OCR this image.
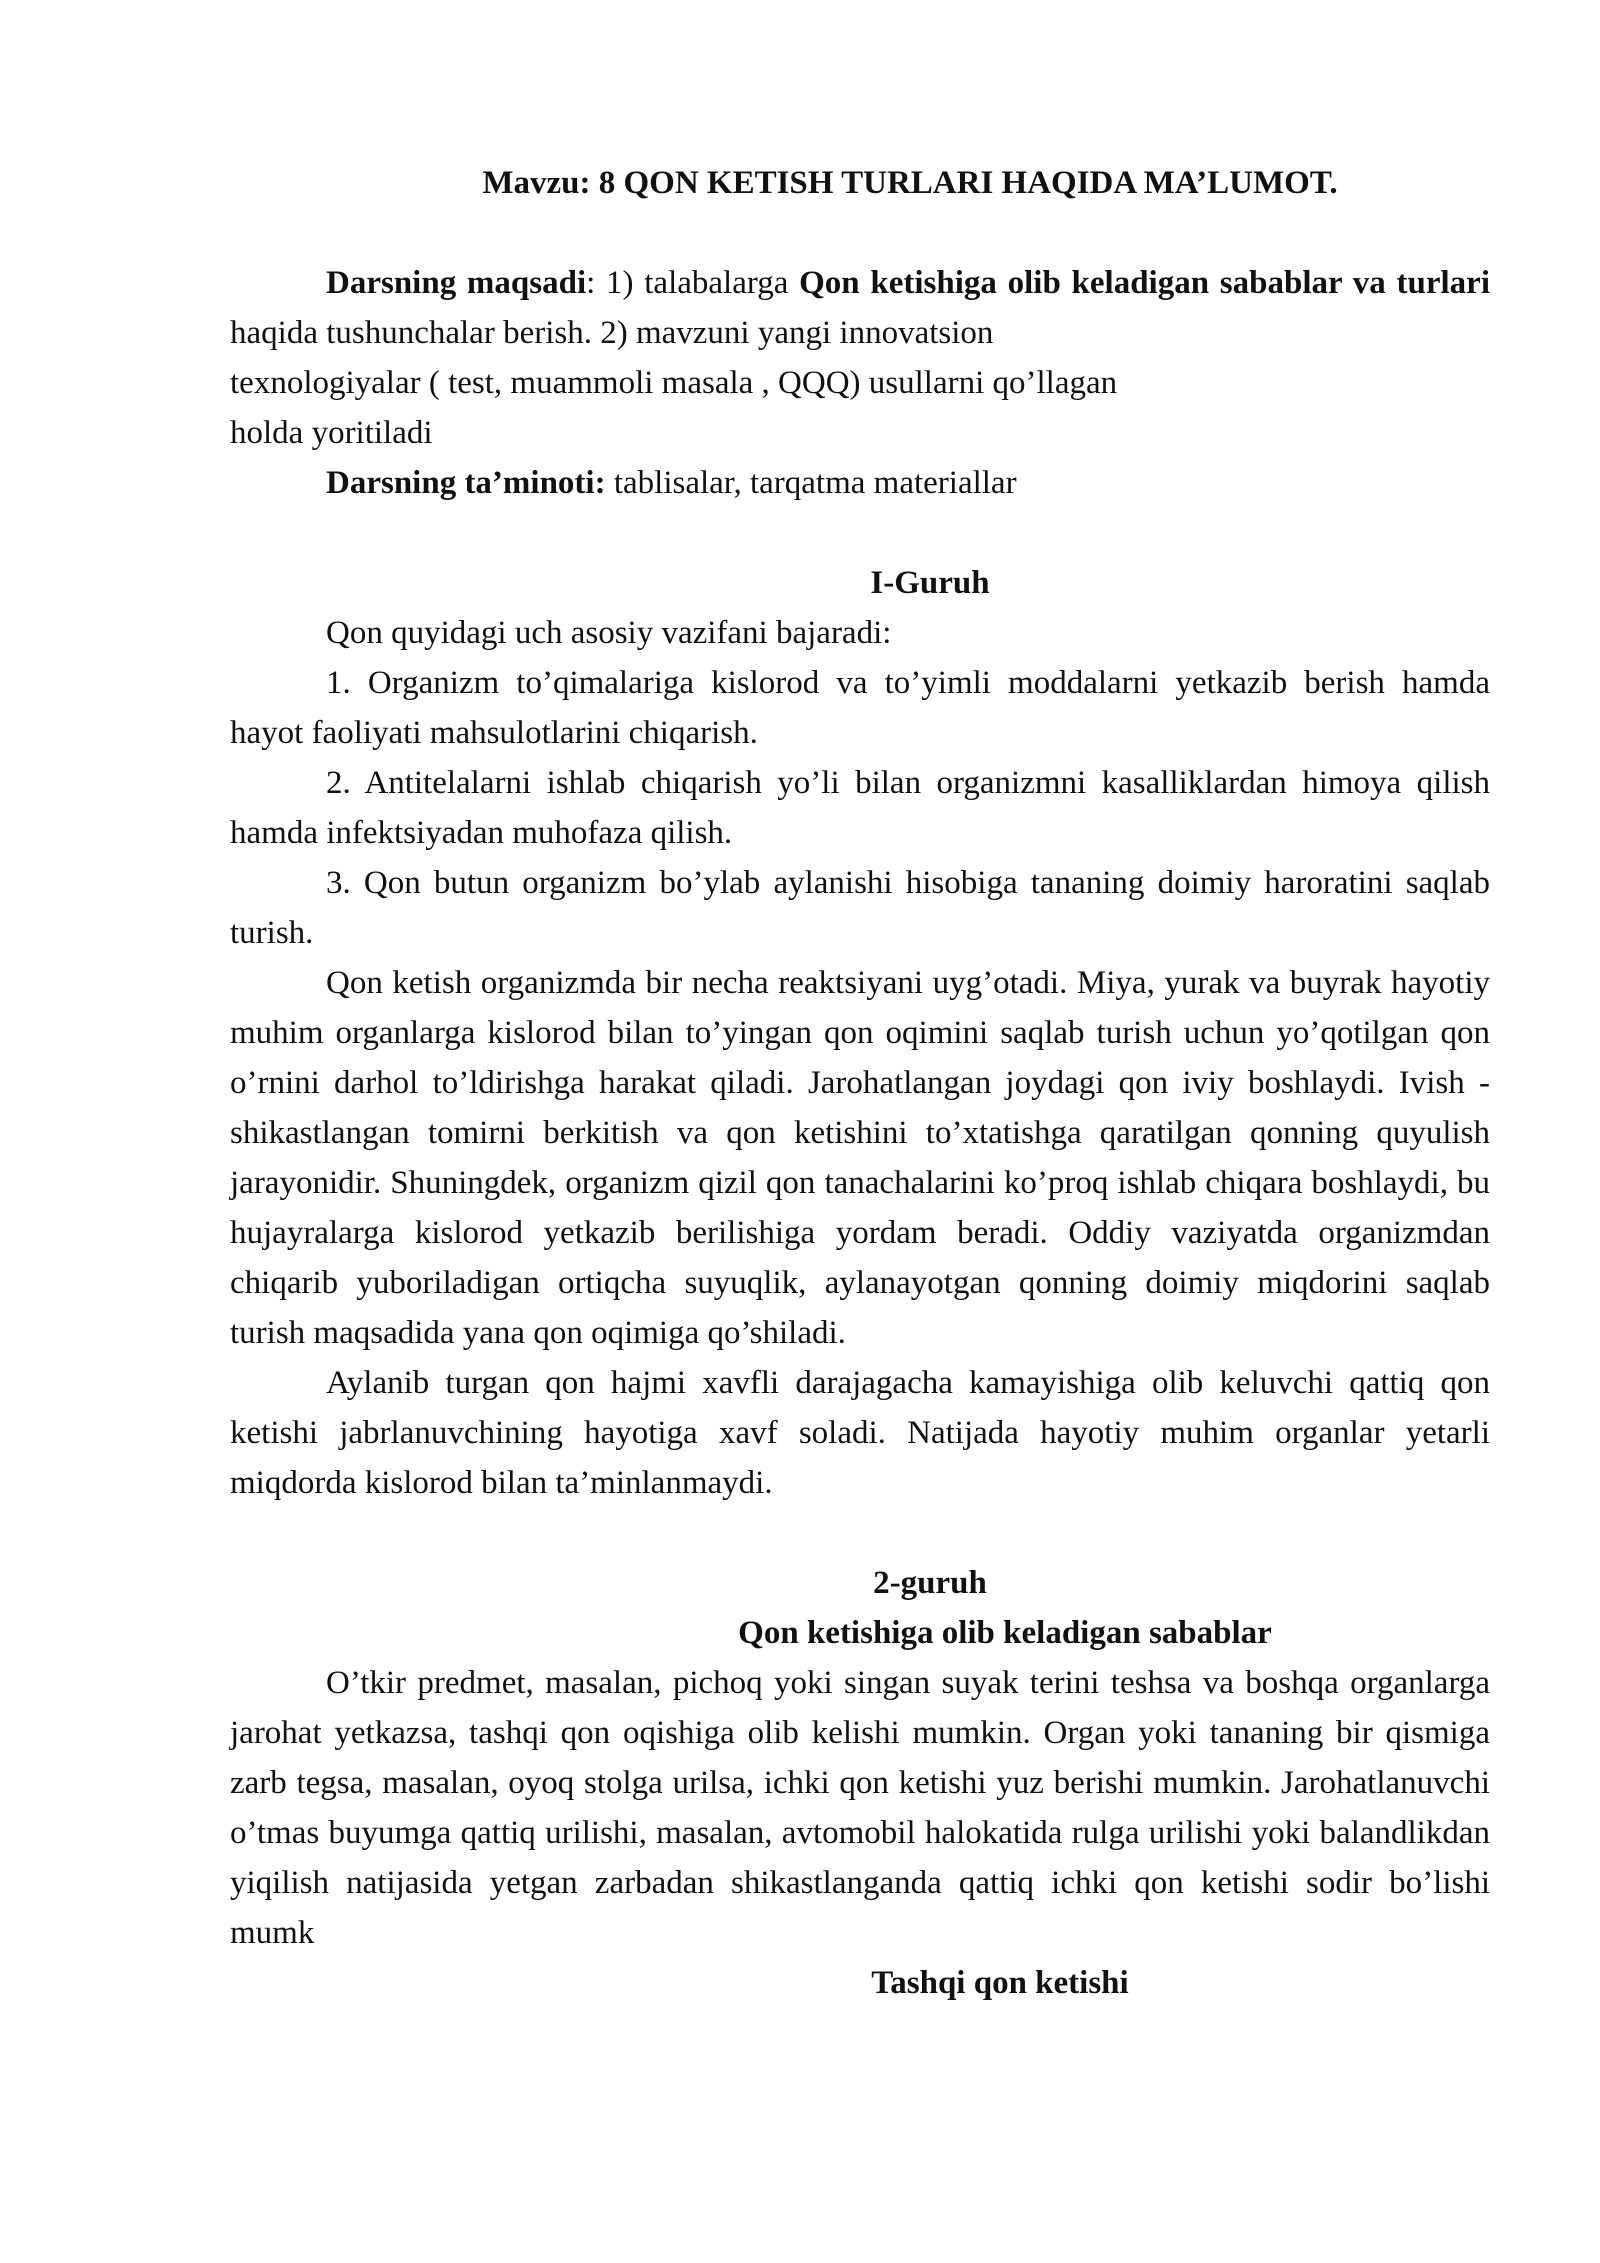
Mavzu: 8 QON KETISH TURLARI HAQIDA MA’LUMOT.

Darsning maqsadi: 1) talabalarga Qon ketishiga olib keladigan sabablar va turlari haqida tushunchalar berish. 2) mavzuni yangi innovatsion

texnologiyalar ( test, muammoli masala , QQQ) usullarni qo’llagan

holda yoritiladi

Darsning ta’minoti: tablisalar, tarqatma materiallar

I-Guruh

Qon quyidagi uch asosiy vazifani bajaradi:

1. Organizm to’qimalariga kislorod va to’yimli moddalarni yetkazib berish hamda hayot faoliyati mahsulotlarini chiqarish.

2. Antitelalarni ishlab chiqarish yo’li bilan organizmni kasalliklardan himoya qilish hamda infektsiyadan muhofaza qilish.

3. Qon butun organizm bo’ylab aylanishi hisobiga tananing doimiy haroratini saqlab turish.

Qon ketish organizmda bir necha reaktsiyani uyg’otadi. Miya, yurak va buyrak hayotiy muhim organlarga kislorod bilan to’yingan qon oqimini saqlab turish uchun yo’qotilgan qon o’rnini darhol to’ldirishga harakat qiladi. Jarohatlangan joydagi qon iviy boshlaydi. Ivish - shikastlangan tomirni berkitish va qon ketishini to’xtatishga qaratilgan qonning quyulish jarayonidir. Shuningdek, organizm qizil qon tanachalarini ko’proq ishlab chiqara boshlaydi, bu hujayralarga kislorod yetkazib berilishiga yordam beradi. Oddiy vaziyatda organizmdan chiqarib yuboriladigan ortiqcha suyuqlik, aylanayotgan qonning doimiy miqdorini saqlab turish maqsadida yana qon oqimiga qo’shiladi.

Aylanib turgan qon hajmi xavfli darajagacha kamayishiga olib keluvchi qattiq qon ketishi jabrlanuvchining hayotiga xavf soladi. Natijada hayotiy muhim organlar yetarli miqdorda kislorod bilan ta’minlanmaydi.

2-guruh
Qon ketishiga olib keladigan sabablar

O’tkir predmet, masalan, pichoq yoki singan suyak terini teshsa va boshqa organlarga jarohat yetkazsa, tashqi qon oqishiga olib kelishi mumkin. Organ yoki tananing bir qismiga zarb tegsa, masalan, oyoq stolga urilsa, ichki qon ketishi yuz berishi mumkin. Jarohatlanuvchi o’tmas buyumga qattiq urilishi, masalan, avtomobil halokatida rulga urilishi yoki balandlikdan yiqilish natijasida yetgan zarbadan shikastlanganda qattiq ichki qon ketishi sodir bo’lishi mumk

Tashqi qon ketishi
